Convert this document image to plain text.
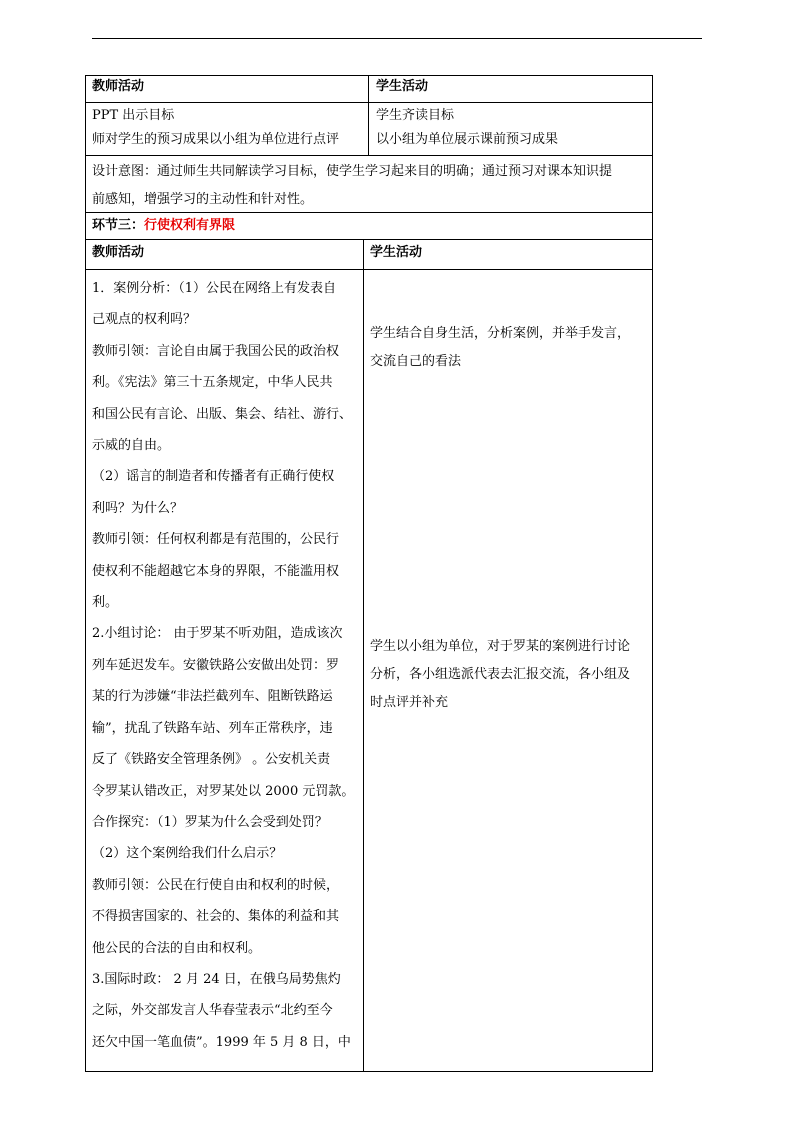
教师活动	学生活动
PPT 出示目标
师对学生的预习成果以小组为单位进行点评
学生齐读目标
以小组为单位展示课前预习成果

设计意图：通过师生共同解读学习目标，使学生学习起来目的明确；通过预习对课本知识提

前感知，增强学习的主动性和针对性。

环节三：行使权利有界限
教师活动	学生活动

1．案例分析：（1）公民在网络上有发表自

己观点的权利吗？

教师引领：言论自由属于我国公民的政治权

利。《宪法》第三十五条规定，中华人民共

和国公民有言论、出版、集会、结社、游行、

示威的自由。

（2）谣言的制造者和传播者有正确行使权

利吗？为什么？

教师引领：任何权利都是有范围的，公民行

使权利不能超越它本身的界限，不能滥用权

利。

2.小组讨论： 由于罗某不听劝阻，造成该次

列车延迟发车。安徽铁路公安做出处罚：罗

某的行为涉嫌“非法拦截列车、阻断铁路运

输”，扰乱了铁路车站、列车正常秩序，违

反了《铁路安全管理条例》 。公安机关责

令罗某认错改正，对罗某处以 2000 元罚款。

合作探究：（1）罗某为什么会受到处罚？

（2）这个案例给我们什么启示？

教师引领：公民在行使自由和权利的时候，

不得损害国家的、社会的、集体的利益和其

他公民的合法的自由和权利。

3.国际时政： 2 月 24 日，在俄乌局势焦灼

之际，外交部发言人华春莹表示“北约至今

还欠中国一笔血债”。1999 年 5 月 8 日，中

学生结合自身生活，分析案例，并举手发言，

交流自己的看法

学生以小组为单位，对于罗某的案例进行讨论

分析，各小组选派代表去汇报交流，各小组及

时点评并补充
